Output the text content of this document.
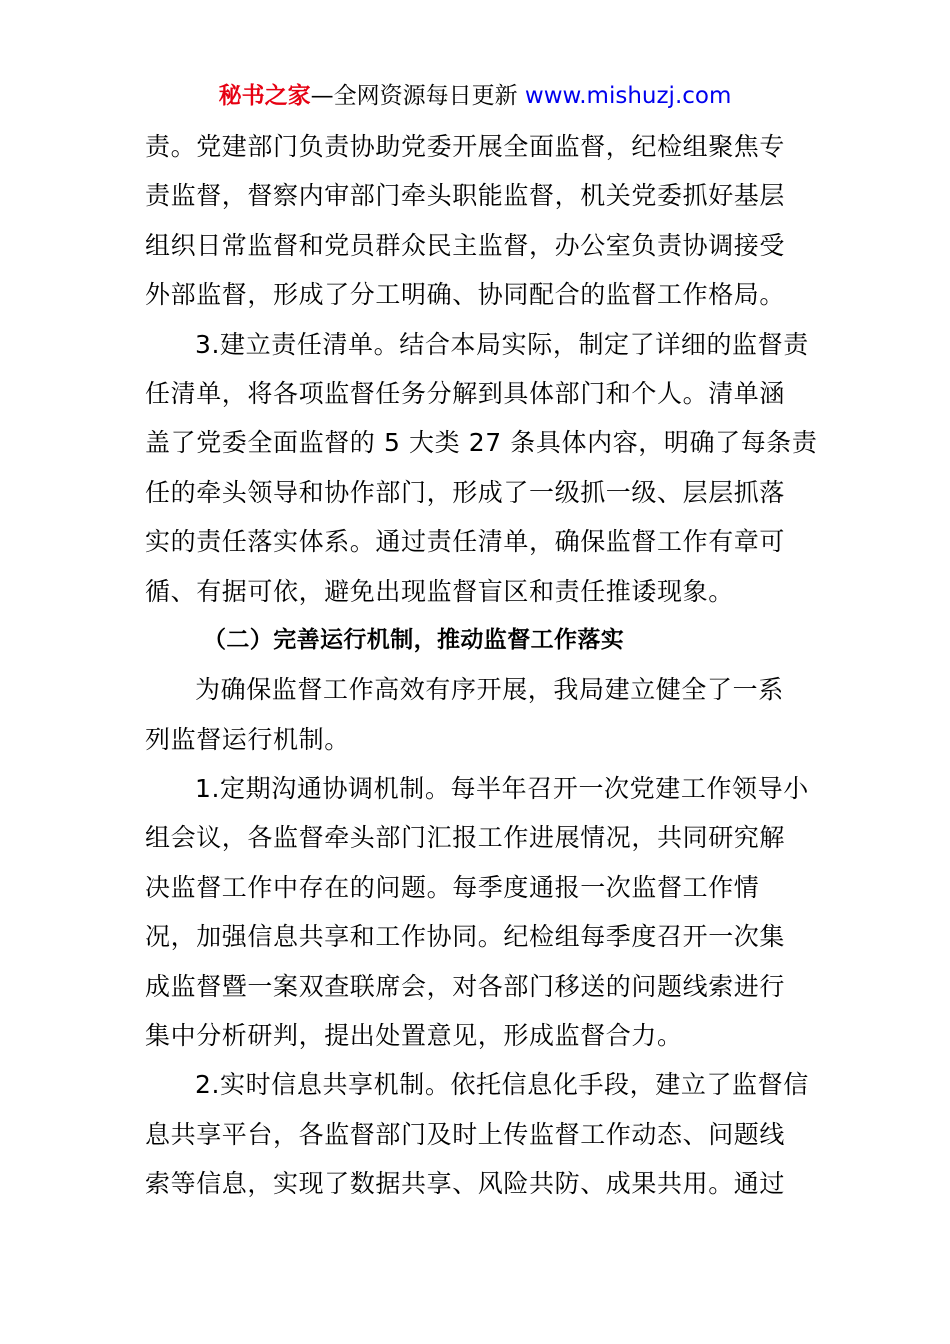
秘书之家—全网资源每日更新 www.mishuzj.com
责。党建部门负责协助党委开展全面监督，纪检组聚焦专
责监督，督察内审部门牵头职能监督，机关党委抓好基层
组织日常监督和党员群众民主监督，办公室负责协调接受
外部监督，形成了分工明确、协同配合的监督工作格局。
3.建立责任清单。结合本局实际，制定了详细的监督责
任清单，将各项监督任务分解到具体部门和个人。清单涵
盖了党委全面监督的 5 大类 27 条具体内容，明确了每条责
任的牵头领导和协作部门，形成了一级抓一级、层层抓落
实的责任落实体系。通过责任清单，确保监督工作有章可
循、有据可依，避免出现监督盲区和责任推诿现象。
（二）完善运行机制，推动监督工作落实
为确保监督工作高效有序开展，我局建立健全了一系
列监督运行机制。
1.定期沟通协调机制。每半年召开一次党建工作领导小
组会议，各监督牵头部门汇报工作进展情况，共同研究解
决监督工作中存在的问题。每季度通报一次监督工作情
况，加强信息共享和工作协同。纪检组每季度召开一次集
成监督暨一案双查联席会，对各部门移送的问题线索进行
集中分析研判，提出处置意见，形成监督合力。
2.实时信息共享机制。依托信息化手段，建立了监督信
息共享平台，各监督部门及时上传监督工作动态、问题线
索等信息，实现了数据共享、风险共防、成果共用。通过
